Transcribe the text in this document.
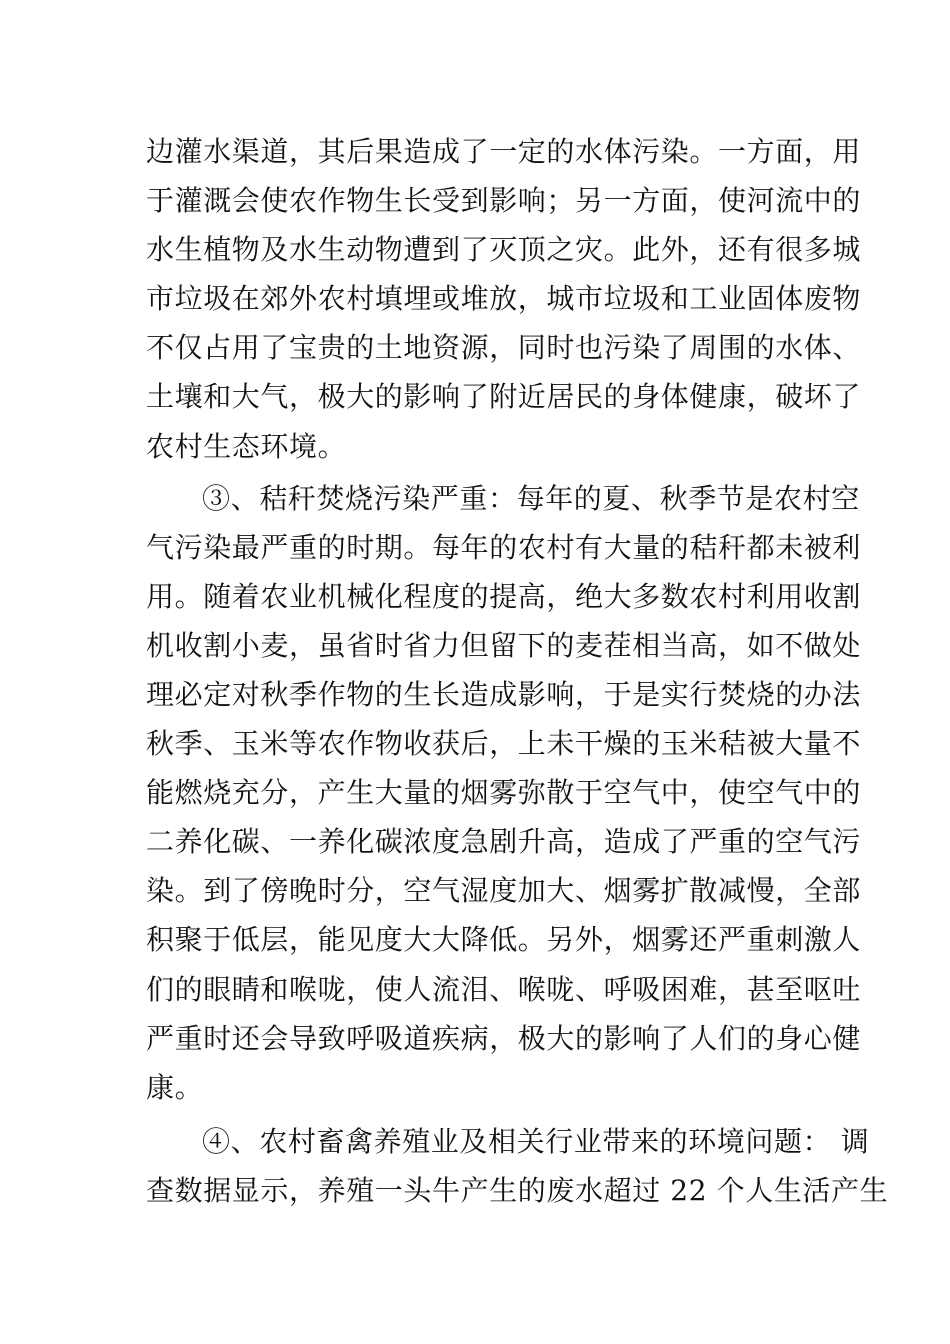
边灌水渠道，其后果造成了一定的水体污染。一方面，用
于灌溉会使农作物生长受到影响；另一方面，使河流中的
水生植物及水生动物遭到了灭顶之灾。此外，还有很多城
市垃圾在郊外农村填埋或堆放，城市垃圾和工业固体废物
不仅占用了宝贵的土地资源，同时也污染了周围的水体、
土壤和大气，极大的影响了附近居民的身体健康，破坏了
农村生态环境。
③、秸秆焚烧污染严重：每年的夏、秋季节是农村空
气污染最严重的时期。每年的农村有大量的秸秆都未被利
用。随着农业机械化程度的提高，绝大多数农村利用收割
机收割小麦，虽省时省力但留下的麦茬相当高，如不做处
理必定对秋季作物的生长造成影响，于是实行焚烧的办法
秋季、玉米等农作物收获后，上未干燥的玉米秸被大量不
能燃烧充分，产生大量的烟雾弥散于空气中，使空气中的
二养化碳、一养化碳浓度急剧升高，造成了严重的空气污
染。到了傍晚时分，空气湿度加大、烟雾扩散减慢，全部
积聚于低层，能见度大大降低。另外，烟雾还严重刺激人
们的眼睛和喉咙，使人流泪、喉咙、呼吸困难，甚至呕吐
严重时还会导致呼吸道疾病，极大的影响了人们的身心健
康。
④、农村畜禽养殖业及相关行业带来的环境问题： 调
查数据显示，养殖一头牛产生的废水超过 22 个人生活产生
